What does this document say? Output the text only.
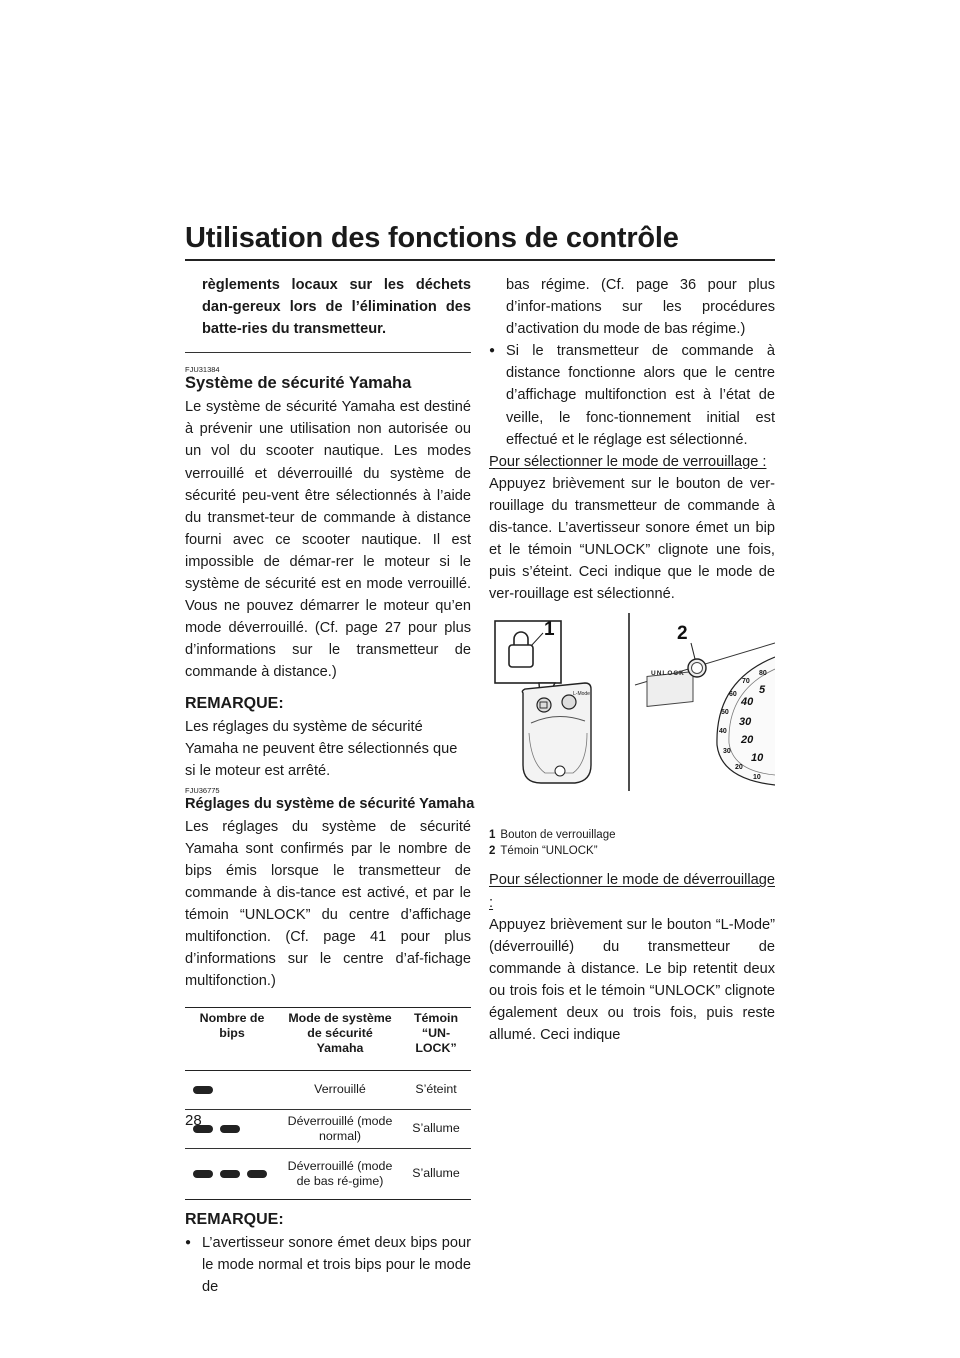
Utilisation des fonctions de contrôle

règlements locaux sur les déchets dan-gereux lors de l’élimination des batte-ries du transmetteur.

FJU31384
Système de sécurité Yamaha

Le système de sécurité Yamaha est destiné à prévenir une utilisation non autorisée ou un vol du scooter nautique. Les modes verrouillé et déverrouillé du système de sécurité peu-vent être sélectionnés à l’aide du transmet-teur de commande à distance fourni avec ce scooter nautique. Il est impossible de démar-rer le moteur si le système de sécurité est en mode verrouillé. Vous ne pouvez démarrer le moteur qu’en mode déverrouillé. (Cf. page 27 pour plus d’informations sur le transmetteur de commande à distance.)

REMARQUE:

Les réglages du système de sécurité Yamaha ne peuvent être sélectionnés que si le moteur est arrêté.

FJU36775
Réglages du système de sécurité Yamaha

Les réglages du système de sécurité Yamaha sont confirmés par le nombre de bips émis lorsque le transmetteur de commande à dis-tance est activé, et par le témoin “UNLOCK” du centre d’affichage multifonction. (Cf. page 41 pour plus d’informations sur le centre d’af-fichage multifonction.)

Nombre de bips	Mode de système de sécurité Yamaha	Témoin “UN-LOCK”
	Verrouillé	S’éteint
	Déverrouillé (mode normal)	S’allume
	Déverrouillé (mode de bas ré-gime)	S’allume
REMARQUE:

● L’avertisseur sonore émet deux bips pour le mode normal et trois bips pour le mode de

bas régime. (Cf. page 36 pour plus d’infor-mations sur les procédures d’activation du mode de bas régime.)

● Si le transmetteur de commande à distance fonctionne alors que le centre d’affichage multifonction est à l’état de veille, le fonc-tionnement initial est effectué et le réglage est sélectionné.

Pour sélectionner le mode de verrouillage :

Appuyez brièvement sur le bouton de ver-rouillage du transmetteur de commande à dis-tance. L’avertisseur sonore émet un bip et le témoin “UNLOCK” clignote une fois, puis s’éteint. Ceci indique que le mode de ver-rouillage est sélectionné.

1
L-Mode
2
UNLOCK	80
70
60
50
40
30
20
10
5
40
30
20
10
1 Bouton de verrouillage
2 Témoin “UNLOCK”
Pour sélectionner le mode de déverrouillage :

Appuyez brièvement sur le bouton “L-Mode” (déverrouillé) du transmetteur de commande à distance. Le bip retentit deux ou trois fois et le témoin “UNLOCK” clignote également deux ou trois fois, puis reste allumé. Ceci indique

28
